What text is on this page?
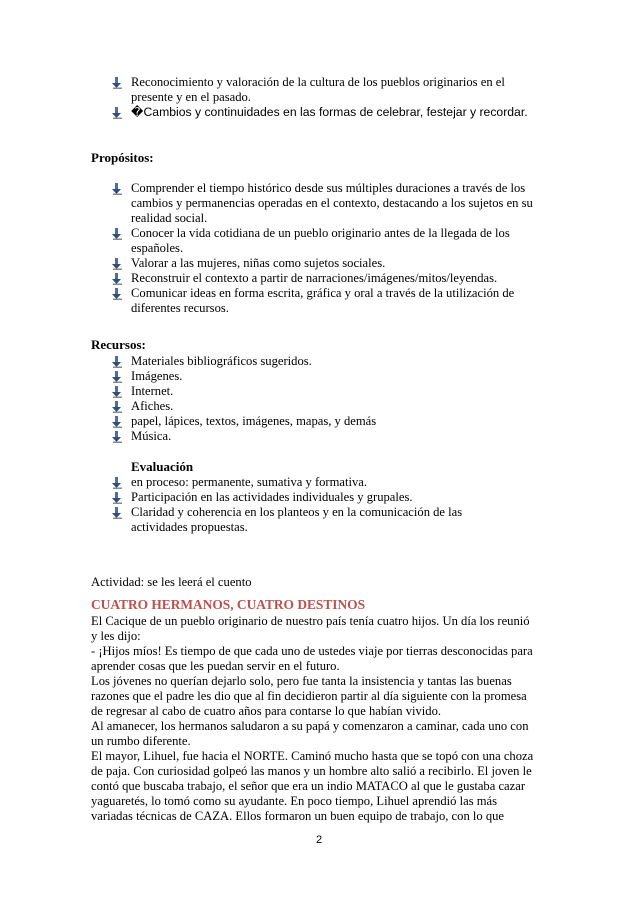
Reconocimiento y valoración de la cultura de los pueblos originarios en el
presente y en el pasado.
�Cambios y continuidades en las formas de celebrar, festejar y recordar.
Propósitos:
Comprender el tiempo histórico desde sus múltiples duraciones a través de los
cambios y permanencias operadas en el contexto, destacando a los sujetos en su
realidad social.
Conocer la vida cotidiana de un pueblo originario antes de la llegada de los
españoles.
Valorar a las mujeres, niñas como sujetos sociales.
Reconstruir el contexto a partir de narraciones/imágenes/mitos/leyendas.
Comunicar ideas en forma escrita, gráfica y oral a través de la utilización de
diferentes recursos.
Recursos:
Materiales bibliográficos sugeridos.
Imágenes.
Internet.
Afiches.
papel, lápices, textos, imágenes, mapas, y demás
Música.
Evaluación
en proceso: permanente, sumativa y formativa.
Participación en las actividades individuales y grupales.
Claridad y coherencia en los planteos y en la comunicación de las
actividades propuestas.
Actividad: se les leerá el cuento
CUATRO HERMANOS, CUATRO DESTINOS
El Cacique de un pueblo originario de nuestro país tenía cuatro hijos. Un día los reunió
y les dijo:
- ¡Hijos míos! Es tiempo de que cada uno de ustedes viaje por tierras desconocidas para
aprender cosas que les puedan servir en el futuro.
Los jóvenes no querían dejarlo solo, pero fue tanta la insistencia y tantas las buenas
razones que el padre les dio que al fin decidieron partir al día siguiente con la promesa
de regresar al cabo de cuatro años para contarse lo que habían vivido.
Al amanecer, los hermanos saludaron a su papá y comenzaron a caminar, cada uno con
un rumbo diferente.
El mayor, Lihuel, fue hacia el NORTE. Caminó mucho hasta que se topó con una choza
de paja. Con curiosidad golpeó las manos y un hombre alto salió a recibirlo. El joven le
contó que buscaba trabajo, el señor que era un indio MATACO al que le gustaba cazar
yaguaretés, lo tomó como su ayudante. En poco tiempo, Lihuel aprendió las más
variadas técnicas de CAZA. Ellos formaron un buen equipo de trabajo, con lo que
2
